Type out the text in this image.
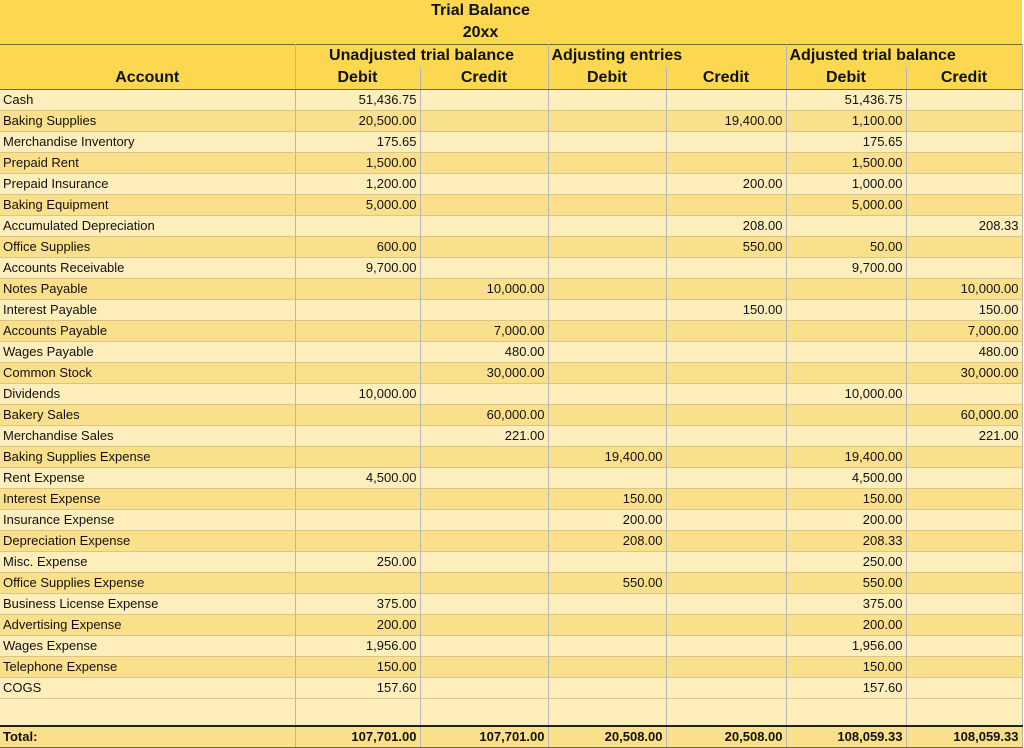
	Trial Balance					
	20xx					
	Unadjusted trial balance		Adjusting entries		Adjusted trial balance	
Account	Debit	Credit	Debit	Credit	Debit	Credit
Cash	51,436.75				51,436.75	
Baking Supplies	20,500.00			19,400.00	1,100.00	
Merchandise Inventory	175.65				175.65	
Prepaid Rent	1,500.00				1,500.00	
Prepaid Insurance	1,200.00			200.00	1,000.00	
Baking Equipment	5,000.00				5,000.00	
Accumulated Depreciation				208.00		208.33
Office Supplies	600.00			550.00	50.00	
Accounts Receivable	9,700.00				9,700.00	
Notes Payable		10,000.00				10,000.00
Interest Payable				150.00		150.00
Accounts Payable		7,000.00				7,000.00
Wages Payable		480.00				480.00
Common Stock		30,000.00				30,000.00
Dividends	10,000.00				10,000.00	
Bakery Sales		60,000.00				60,000.00
Merchandise Sales		221.00				221.00
Baking Supplies Expense			19,400.00		19,400.00	
Rent Expense	4,500.00				4,500.00	
Interest Expense			150.00		150.00	
Insurance Expense			200.00		200.00	
Depreciation Expense			208.00		208.33	
Misc. Expense	250.00				250.00	
Office Supplies Expense			550.00		550.00	
Business License Expense	375.00				375.00	
Advertising Expense	200.00				200.00	
Wages Expense	1,956.00				1,956.00	
Telephone Expense	150.00				150.00	
COGS	157.60				157.60	

Total:	107,701.00	107,701.00	20,508.00	20,508.00	108,059.33	108,059.33
